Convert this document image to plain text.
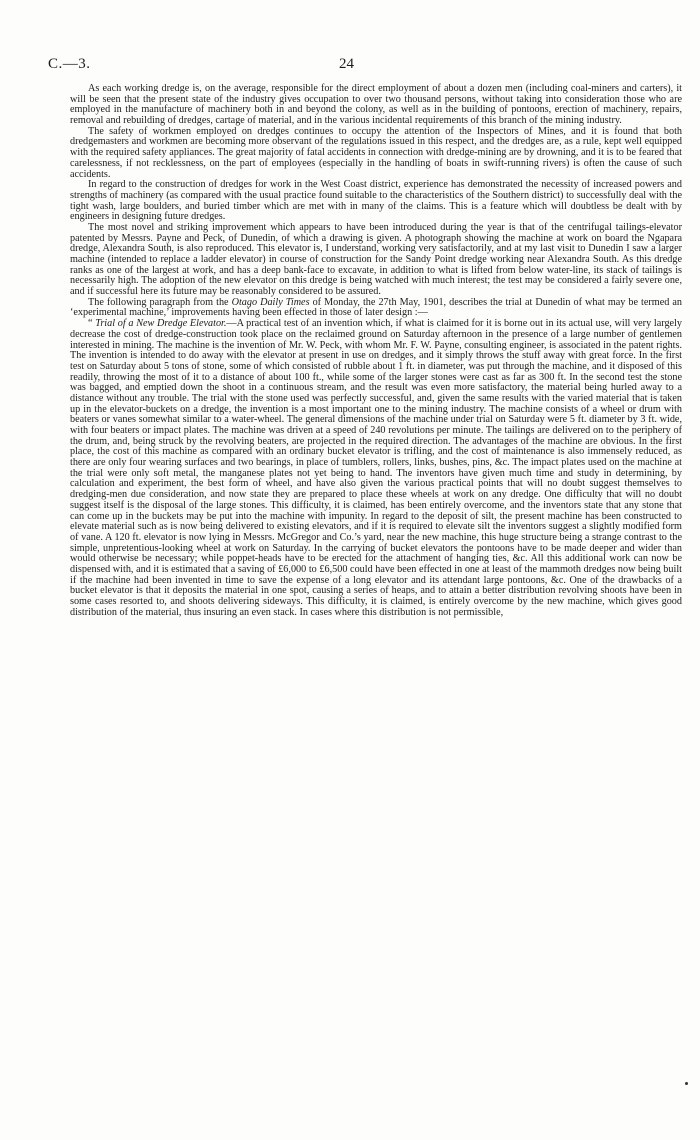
C.—3.	24

As each working dredge is, on the average, responsible for the direct employment of about a dozen men (including coal-miners and carters), it will be seen that the present state of the industry gives occupation to over two thousand persons, without taking into consideration those who are employed in the manufacture of machinery both in and beyond the colony, as well as in the building of pontoons, erection of machinery, repairs, removal and rebuilding of dredges, cartage of material, and in the various incidental requirements of this branch of the mining industry.

The safety of workmen employed on dredges continues to occupy the attention of the Inspectors of Mines, and it is found that both dredgemasters and workmen are becoming more observant of the regulations issued in this respect, and the dredges are, as a rule, kept well equipped with the required safety appliances. The great majority of fatal accidents in connection with dredge-mining are by drowning, and it is to be feared that carelessness, if not recklessness, on the part of employees (especially in the handling of boats in swift-running rivers) is often the cause of such accidents.

In regard to the construction of dredges for work in the West Coast district, experience has demonstrated the necessity of increased powers and strengths of machinery (as compared with the usual practice found suitable to the characteristics of the Southern district) to successfully deal with the tight wash, large boulders, and buried timber which are met with in many of the claims. This is a feature which will doubtless be dealt with by engineers in designing future dredges.

The most novel and striking improvement which appears to have been introduced during the year is that of the centrifugal tailings-elevator patented by Messrs. Payne and Peck, of Dunedin, of which a drawing is given. A photograph showing the machine at work on board the Ngapara dredge, Alexandra South, is also reproduced. This elevator is, I understand, working very satisfactorily, and at my last visit to Dunedin I saw a larger machine (intended to replace a ladder elevator) in course of construction for the Sandy Point dredge working near Alexandra South. As this dredge ranks as one of the largest at work, and has a deep bank-face to excavate, in addition to what is lifted from below water-line, its stack of tailings is necessarily high. The adoption of the new elevator on this dredge is being watched with much interest; the test may be considered a fairly severe one, and if successful here its future may be reasonably considered to be assured.

The following paragraph from the Otago Daily Times of Monday, the 27th May, 1901, describes the trial at Dunedin of what may be termed an ‘experimental machine,’ improvements having been effected in those of later design :—

“ Trial of a New Dredge Elevator.—A practical test of an invention which, if what is claimed for it is borne out in its actual use, will very largely decrease the cost of dredge-construction took place on the reclaimed ground on Saturday afternoon in the presence of a large number of gentlemen interested in mining. The machine is the invention of Mr. W. Peck, with whom Mr. F. W. Payne, consulting engineer, is associated in the patent rights. The invention is intended to do away with the elevator at present in use on dredges, and it simply throws the stuff away with great force. In the first test on Saturday about 5 tons of stone, some of which consisted of rubble about 1 ft. in diameter, was put through the machine, and it disposed of this readily, throwing the most of it to a distance of about 100 ft., while some of the larger stones were cast as far as 300 ft. In the second test the stone was bagged, and emptied down the shoot in a continuous stream, and the result was even more satisfactory, the material being hurled away to a distance without any trouble. The trial with the stone used was perfectly successful, and, given the same results with the varied material that is taken up in the elevator-buckets on a dredge, the invention is a most important one to the mining industry. The machine consists of a wheel or drum with beaters or vanes somewhat similar to a water-wheel. The general dimensions of the machine under trial on Saturday were 5 ft. diameter by 3 ft. wide, with four beaters or impact plates. The machine was driven at a speed of 240 revolutions per minute. The tailings are delivered on to the periphery of the drum, and, being struck by the revolving beaters, are projected in the required direction. The advantages of the machine are obvious. In the first place, the cost of this machine as compared with an ordinary bucket elevator is trifling, and the cost of maintenance is also immensely reduced, as there are only four wearing surfaces and two bearings, in place of tumblers, rollers, links, bushes, pins, &c. The impact plates used on the machine at the trial were only soft metal, the manganese plates not yet being to hand. The inventors have given much time and study in determining, by calculation and experiment, the best form of wheel, and have also given the various practical points that will no doubt suggest themselves to dredging-men due consideration, and now state they are prepared to place these wheels at work on any dredge. One difficulty that will no doubt suggest itself is the disposal of the large stones. This difficulty, it is claimed, has been entirely overcome, and the inventors state that any stone that can come up in the buckets may be put into the machine with impunity. In regard to the deposit of silt, the present machine has been constructed to elevate material such as is now being delivered to existing elevators, and if it is required to elevate silt the inventors suggest a slightly modified form of vane. A 120 ft. elevator is now lying in Messrs. McGregor and Co.’s yard, near the new machine, this huge structure being a strange contrast to the simple, unpretentious-looking wheel at work on Saturday. In the carrying of bucket elevators the pontoons have to be made deeper and wider than would otherwise be necessary; while poppet-heads have to be erected for the attachment of hanging ties, &c. All this additional work can now be dispensed with, and it is estimated that a saving of £6,000 to £6,500 could have been effected in one at least of the mammoth dredges now being built if the machine had been invented in time to save the expense of a long elevator and its attendant large pontoons, &c. One of the drawbacks of a bucket elevator is that it deposits the material in one spot, causing a series of heaps, and to attain a better distribution revolving shoots have been in some cases resorted to, and shoots delivering sideways. This difficulty, it is claimed, is entirely overcome by the new machine, which gives good distribution of the material, thus insuring an even stack. In cases where this distribution is not permissible,
